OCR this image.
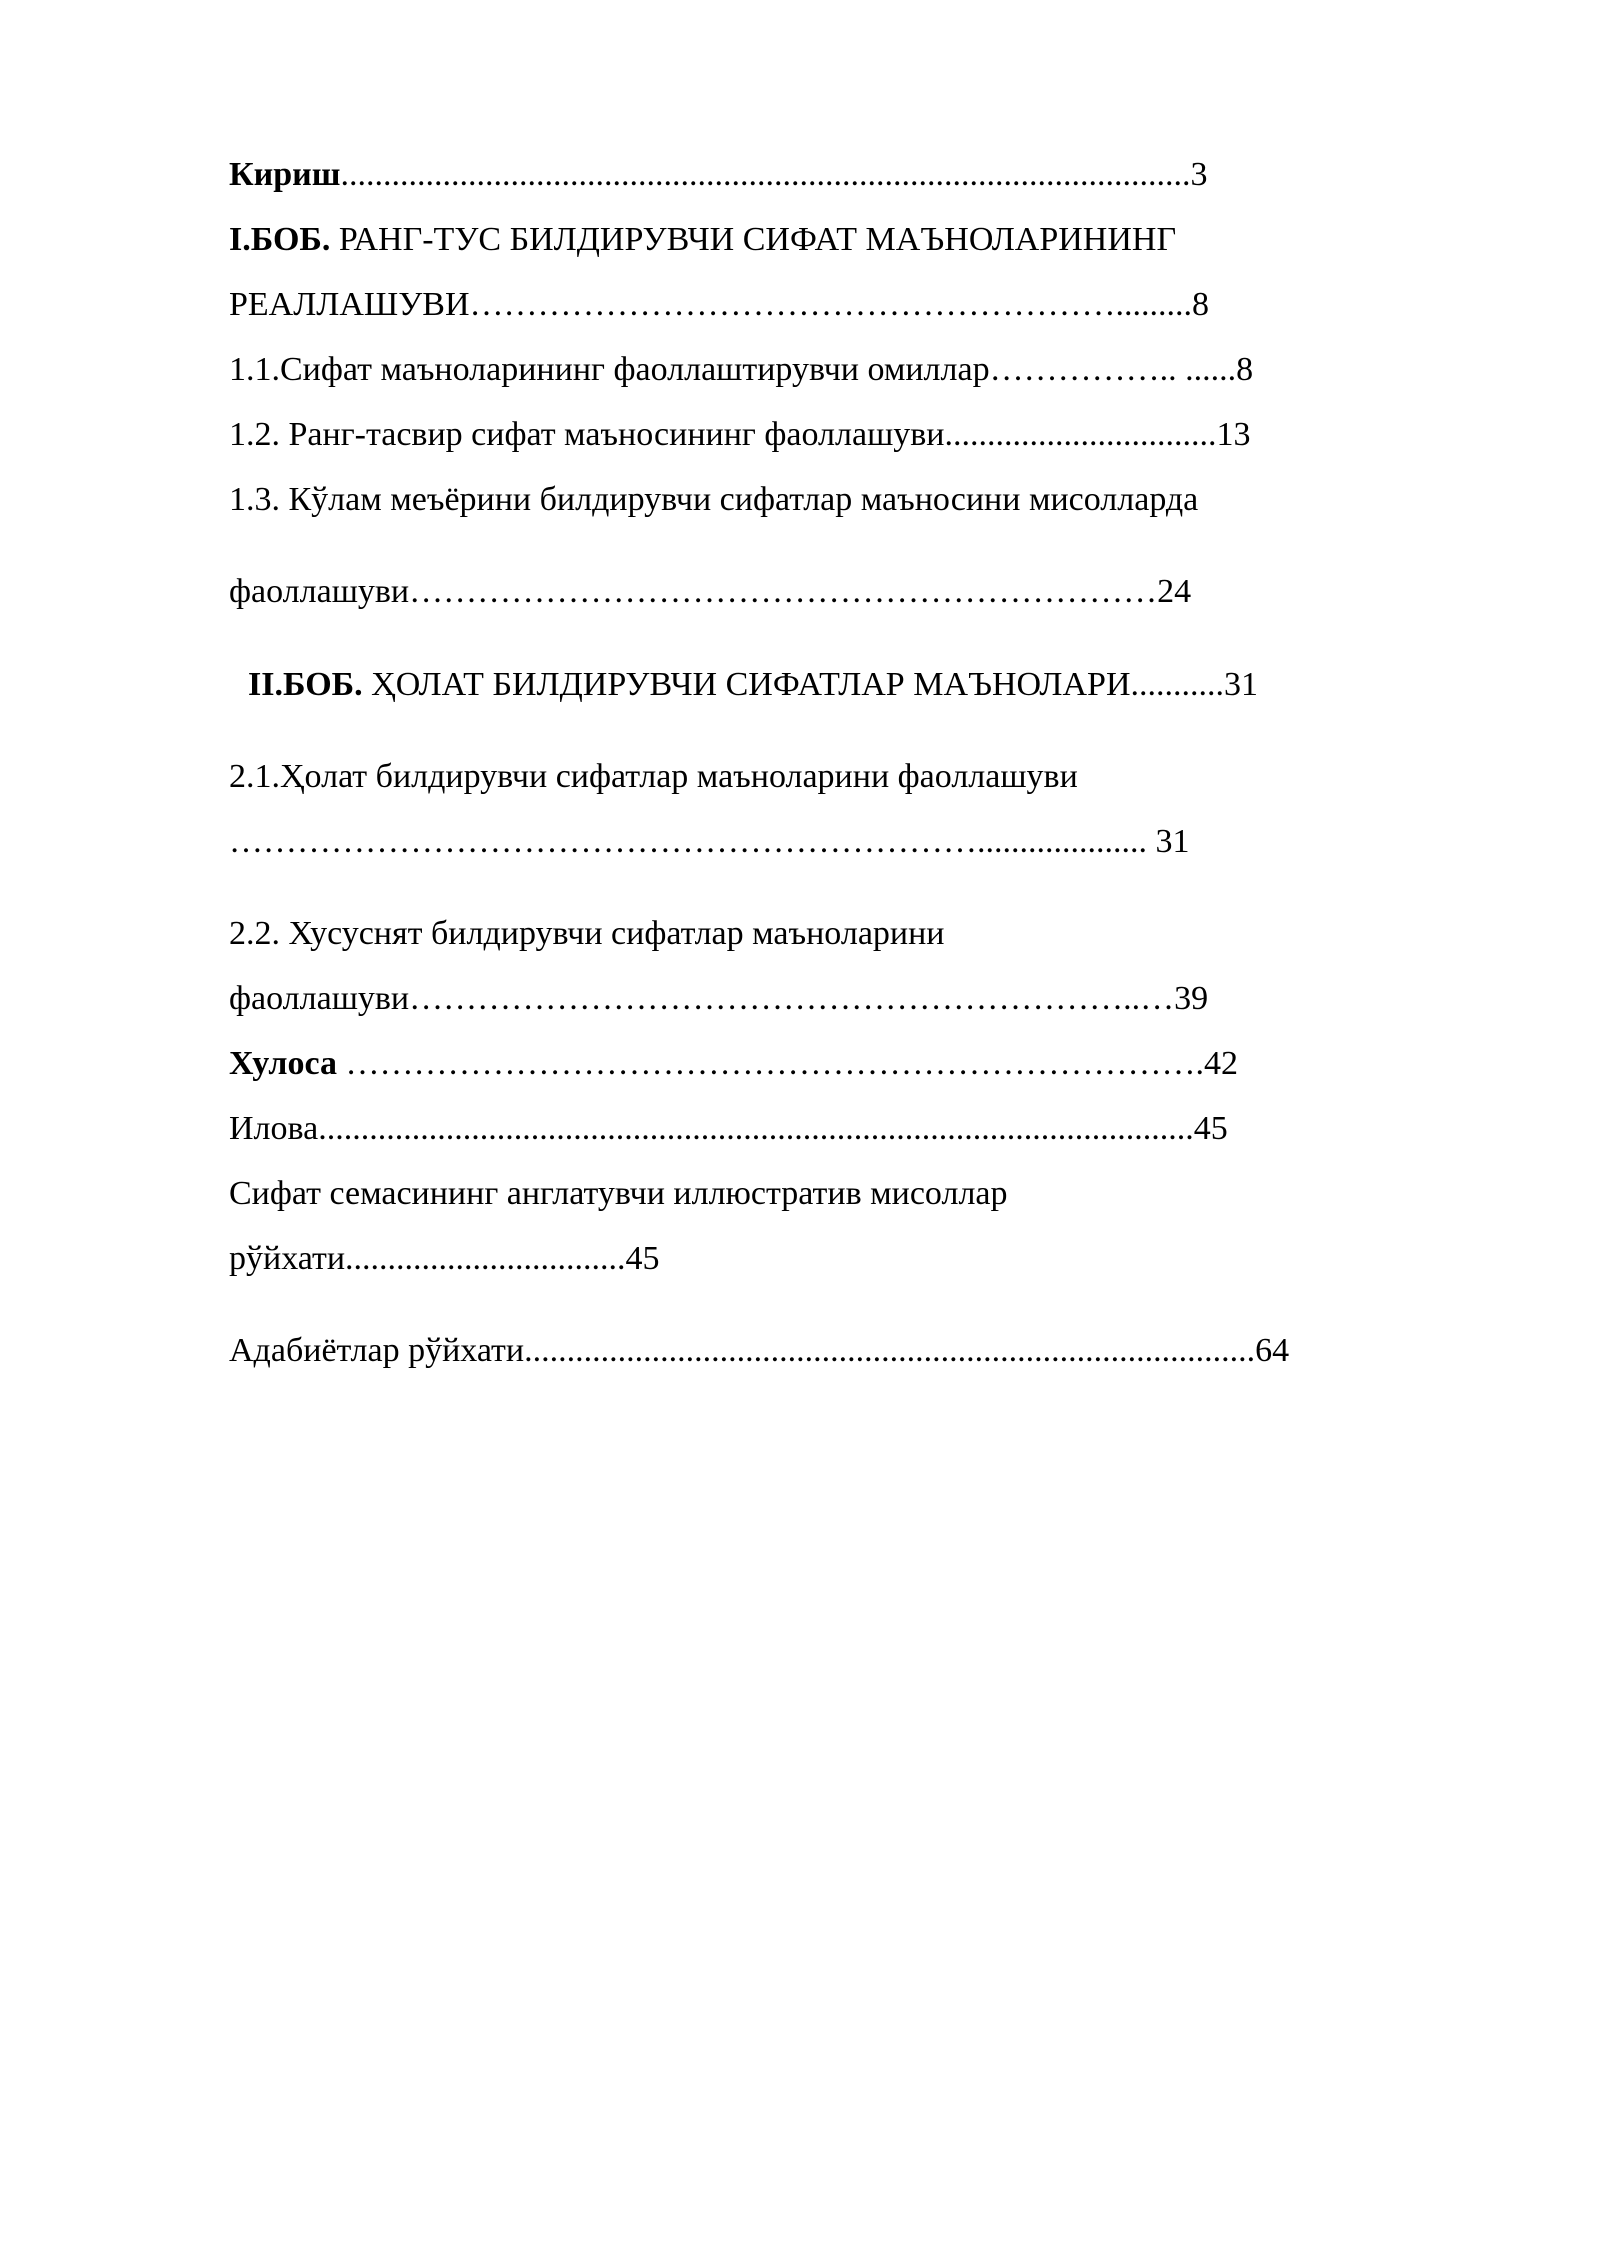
Кириш....................................................................................................3
I.БОБ. РАНГ-ТУС БИЛДИРУВЧИ СИФАТ МАЪНОЛАРИНИНГ
РЕАЛЛАШУВИ………………………………………………….........8
1.1.Сифат маъноларининг фаоллаштирувчи омиллар…………….. ......8
1.2. Ранг-тасвир сифат маъносининг фаоллашуви................................13
1.3. Кўлам меъёрини билдирувчи сифатлар маъносини мисолларда
фаоллашуви…………………………………………………………24
II.БОБ. ҲОЛАТ БИЛДИРУВЧИ СИФАТЛАР МАЪНОЛАРИ...........31
2.1.Ҳолат билдирувчи сифатлар маъноларини фаоллашуви
………………………………………………………….................... 31
2.2. Хусуснят билдирувчи сифатлар маъноларини
фаоллашуви………………………………………………………..…39
Хулоса ………………………………………………………………….42
Илова.......................................................................................................45
Сифат семасининг англатувчи иллюстратив мисоллар
рўйхати.................................45
Адабиётлар рўйхати......................................................................................64
